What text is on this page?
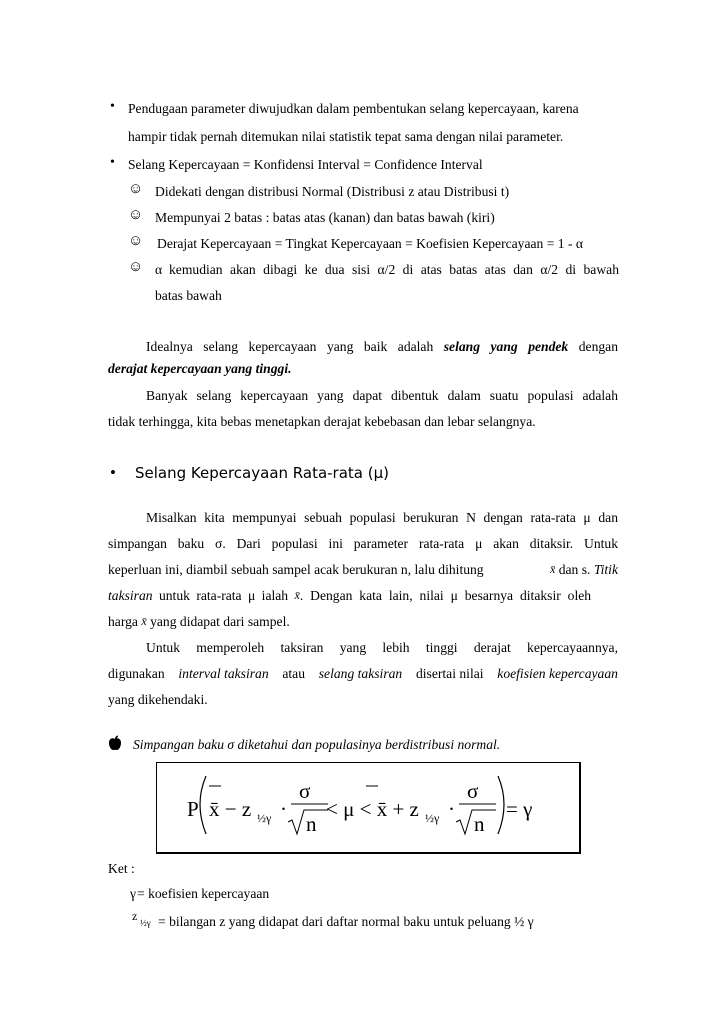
• Pendugaan parameter diwujudkan dalam pembentukan selang kepercayaan, karena
hampir tidak pernah ditemukan nilai statistik tepat sama dengan nilai parameter.
• Selang Kepercayaan = Konfidensi Interval = Confidence Interval
☺ Didekati dengan distribusi Normal (Distribusi z atau Distribusi t)
☺ Mempunyai 2 batas : batas atas (kanan) dan batas bawah (kiri)
☺ Derajat Kepercayaan = Tingkat Kepercayaan = Koefisien Kepercayaan = 1 - α
☺ α kemudian akan dibagi ke dua sisi α/2 di atas batas atas dan α/2 di bawah
batas bawah
Idealnya selang kepercayaan yang baik adalah selang yang pendek dengan
derajat kepercayaan yang tinggi.
Banyak selang kepercayaan yang dapat dibentuk dalam suatu populasi adalah
tidak terhingga, kita bebas menetapkan derajat kebebasan dan lebar selangnya.
• Selang Kepercayaan Rata-rata (μ)
Misalkan kita mempunyai sebuah populasi berukuran N dengan rata-rata μ dan
simpangan baku σ. Dari populasi ini parameter rata-rata μ akan ditaksir. Untuk
keperluan ini, diambil sebuah sampel acak berukuran n, lalu dihitung	x̄ dan s. Titik
taksiran untuk rata-rata μ ialah x̄ . Dengan kata lain, nilai μ besarnya ditaksir oleh
harga x̄ yang didapat dari sampel.
Untuk memperoleh taksiran yang lebih tinggi derajat kepercayaannya,
digunakan interval taksiran atau selang taksiran disertai nilai koefisien kepercayaan
yang dikehendaki.
Simpangan baku σ diketahui dan populasinya berdistribusi normal.
P x̄ − z ½γ ·
σ
n
< μ < x̄ + z ½γ ·
σ
n
= γ
Ket :
γ = koefisien kepercayaan
z ½γ = bilangan z yang didapat dari daftar normal baku untuk peluang ½ γ
